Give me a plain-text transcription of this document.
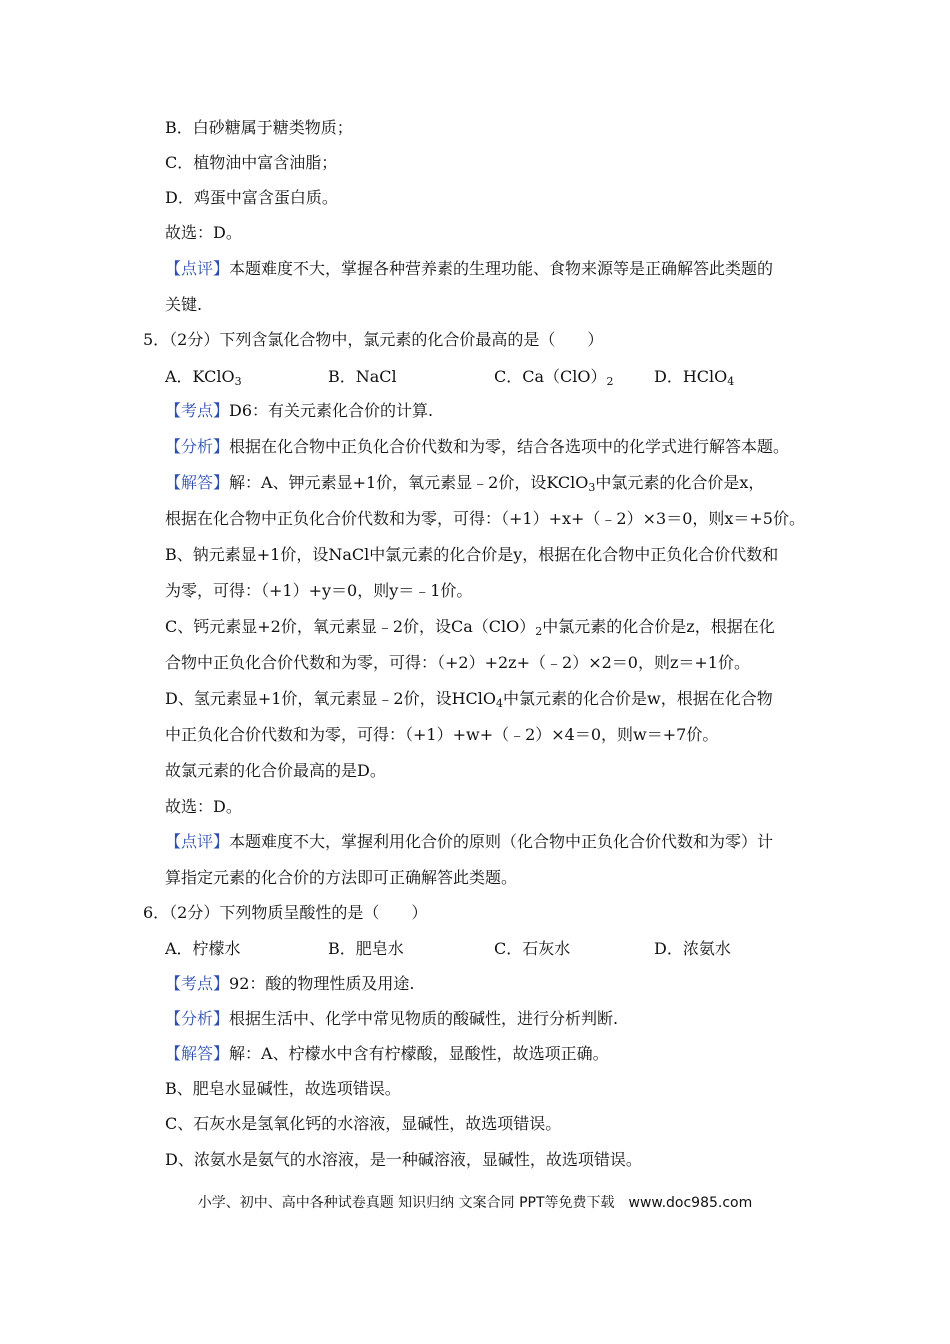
B．白砂糖属于糖类物质；
C．植物油中富含油脂；
D．鸡蛋中富含蛋白质。
故选：D。
【点评】本题难度不大，掌握各种营养素的生理功能、食物来源等是正确解答此类题的
关键.
5．（2分）下列含氯化合物中，氯元素的化合价最高的是（　　）
A．KClO$_3$	B．NaCl	C．$Ca(ClO)_2$	D．HClO$_4$
【考点】D6：有关元素化合价的计算.
【分析】根据在化合物中正负化合价代数和为零，结合各选项中的化学式进行解答本题。
【解答】解：A、钾元素显+1价，氧元素显﹣2价，设KClO$_3$中氯元素的化合价是x，
根据在化合物中正负化合价代数和为零，可得：（+1）+x+（﹣2）×3＝0，则x＝+5价。
B、钠元素显+1价，设NaCl中氯元素的化合价是y，根据在化合物中正负化合价代数和
为零，可得：（+1）+y＝0，则y＝﹣1价。
C、钙元素显+2价，氧元素显﹣2价，设$Ca(ClO)_2$中氯元素的化合价是z，根据在化
合物中正负化合价代数和为零，可得：（+2）+2z+（﹣2）×2＝0，则z＝+1价。
D、氢元素显+1价，氧元素显﹣2价，设HClO$_4$中氯元素的化合价是w，根据在化合物
中正负化合价代数和为零，可得：（+1）+w+（﹣2）×4＝0，则w＝+7价。
故氯元素的化合价最高的是D。
故选：D。
【点评】本题难度不大，掌握利用化合价的原则（化合物中正负化合价代数和为零）计
算指定元素的化合价的方法即可正确解答此类题。
6．（2分）下列物质呈酸性的是（　　）
A．柠檬水	B．肥皂水	C．石灰水	D．浓氨水
【考点】92：酸的物理性质及用途.
【分析】根据生活中、化学中常见物质的酸碱性，进行分析判断.
【解答】解：A、柠檬水中含有柠檬酸，显酸性，故选项正确。
B、肥皂水显碱性，故选项错误。
C、石灰水是氢氧化钙的水溶液，显碱性，故选项错误。
D、浓氨水是氨气的水溶液，是一种碱溶液，显碱性，故选项错误。
小学、初中、高中各种试卷真题 知识归纳 文案合同 PPT等免费下载　www.doc985.com
